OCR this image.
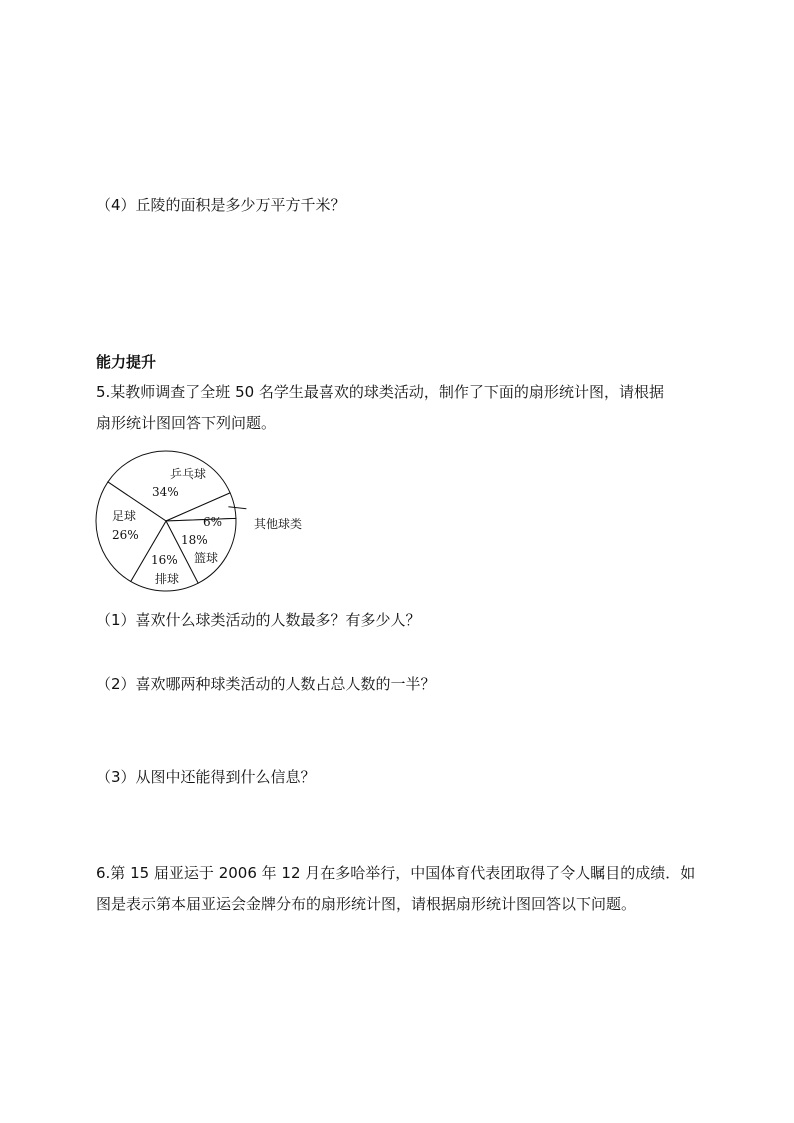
（4）丘陵的面积是多少万平方千米？
能力提升
5.某教师调查了全班 50 名学生最喜欢的球类活动，制作了下面的扇形统计图，请根据
扇形统计图回答下列问题。
乒乓球
34%
6%	其他球类
18%
篮球
16%
排球
足球
26%
（1）喜欢什么球类活动的人数最多？有多少人？
（2）喜欢哪两种球类活动的人数占总人数的一半？
（3）从图中还能得到什么信息？
6.第 15 届亚运于 2006 年 12 月在多哈举行，中国体育代表团取得了令人瞩目的成绩．如
图是表示第本届亚运会金牌分布的扇形统计图，请根据扇形统计图回答以下问题。
